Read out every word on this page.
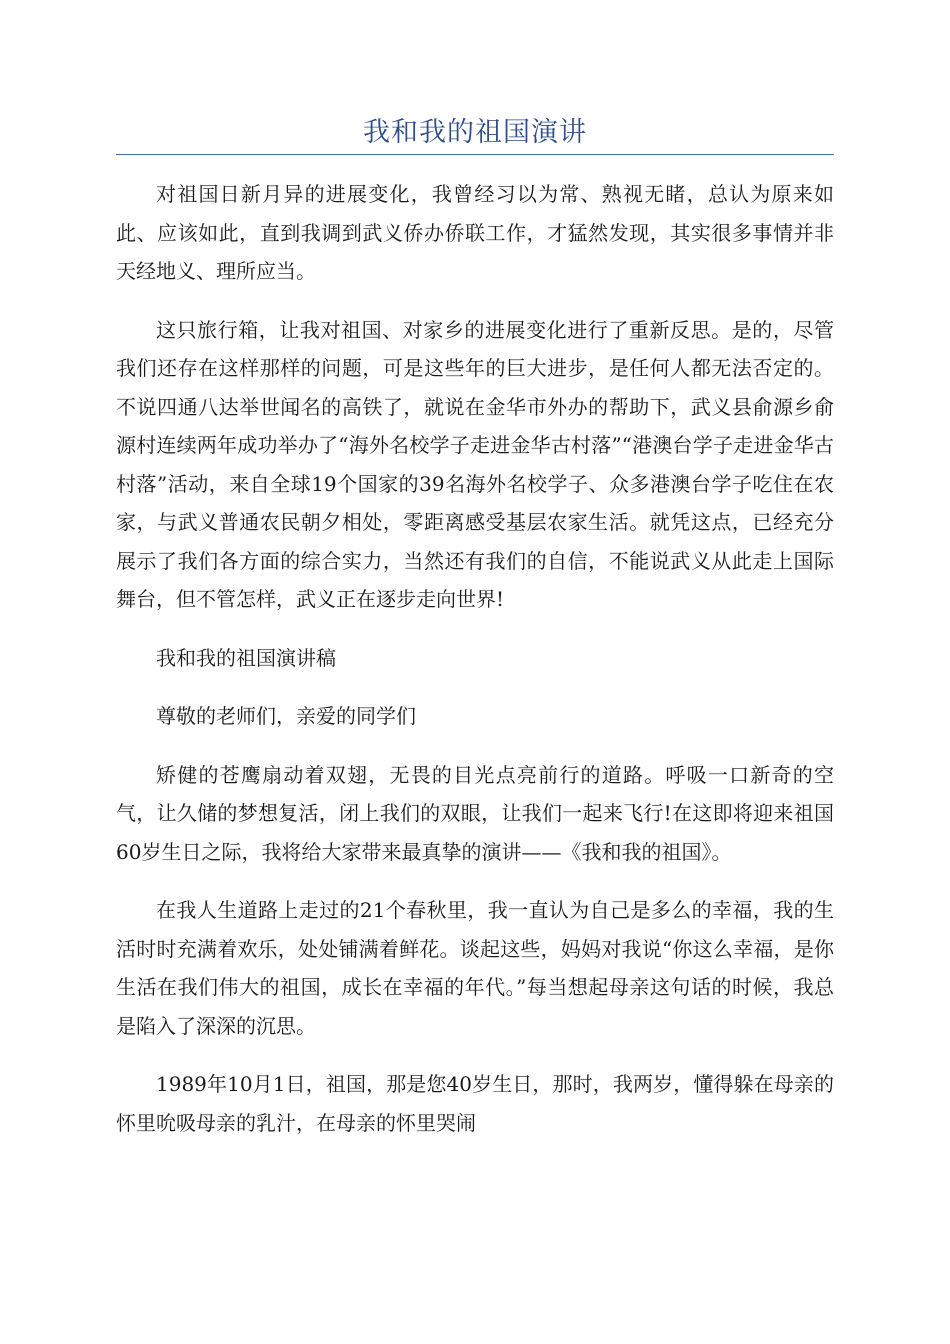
我和我的祖国演讲

对祖国日新月异的进展变化，我曾经习以为常、熟视无睹，总认为原来如此、应该如此，直到我调到武义侨办侨联工作，才猛然发现，其实很多事情并非天经地义、理所应当。

这只旅行箱，让我对祖国、对家乡的进展变化进行了重新反思。是的，尽管我们还存在这样那样的问题，可是这些年的巨大进步，是任何人都无法否定的。不说四通八达举世闻名的高铁了，就说在金华市外办的帮助下，武义县俞源乡俞源村连续两年成功举办了“海外名校学子走进金华古村落”“港澳台学子走进金华古村落”活动，来自全球19个国家的39名海外名校学子、众多港澳台学子吃住在农家，与武义普通农民朝夕相处，零距离感受基层农家生活。就凭这点，已经充分展示了我们各方面的综合实力，当然还有我们的自信，不能说武义从此走上国际舞台，但不管怎样，武义正在逐步走向世界!

我和我的祖国演讲稿

尊敬的老师们，亲爱的同学们

矫健的苍鹰扇动着双翅，无畏的目光点亮前行的道路。呼吸一口新奇的空气，让久储的梦想复活，闭上我们的双眼，让我们一起来飞行!在这即将迎来祖国60岁生日之际，我将给大家带来最真挚的演讲——《我和我的祖国》。

在我人生道路上走过的21个春秋里，我一直认为自己是多么的幸福，我的生活时时充满着欢乐，处处铺满着鲜花。谈起这些，妈妈对我说“你这么幸福，是你生活在我们伟大的祖国，成长在幸福的年代。”每当想起母亲这句话的时候，我总是陷入了深深的沉思。

1989年10月1日，祖国，那是您40岁生日，那时，我两岁，懂得躲在母亲的怀里吮吸母亲的乳汁，在母亲的怀里哭闹
